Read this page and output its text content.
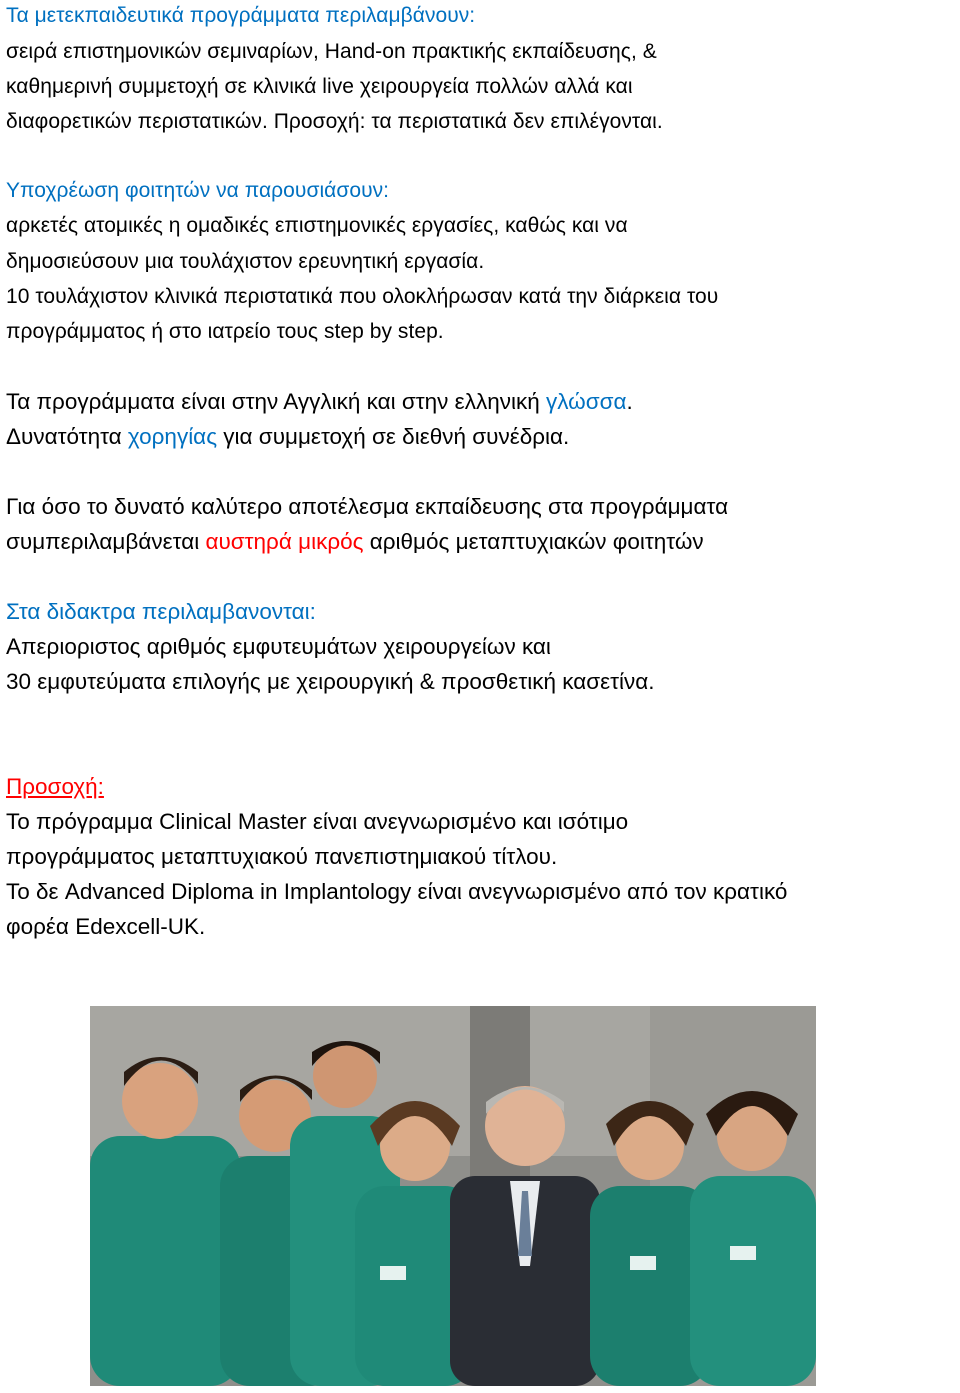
Τα μετεκπαιδευτικά προγράμματα περιλαμβάνουν:
σειρά επιστημονικών σεμιναρίων, Hand-on πρακτικής εκπαίδευσης, &
καθημερινή συμμετοχή σε κλινικά live χειρουργεία πολλών αλλά και
διαφορετικών περιστατικών. Προσοχή: τα περιστατικά δεν επιλέγονται.
Υποχρέωση φοιτητών να παρουσιάσουν:
αρκετές ατομικές η ομαδικές επιστημονικές εργασίες, καθώς και να
δημοσιεύσουν μια τουλάχιστον ερευνητική εργασία.
10 τουλάχιστον κλινικά περιστατικά που ολοκλήρωσαν κατά την διάρκεια του
προγράμματος ή στο ιατρείο τους step by step.
Τα προγράμματα είναι στην Αγγλική και στην ελληνική γλώσσα.
Δυνατότητα χορηγίας για συμμετοχή σε διεθνή συνέδρια.
Για όσο το δυνατό καλύτερο αποτέλεσμα εκπαίδευσης στα προγράμματα
συμπεριλαμβάνεται αυστηρά μικρός αριθμός μεταπτυχιακών φοιτητών
Στα διδακτρα περιλαμβανονται:
Απεριοριστος αριθμός εμφυτευμάτων χειρουργείων και
30 εμφυτεύματα επιλογής με χειρουργική & προσθετική κασετίνα.
Προσοχή:
Το πρόγραμμα Clinical Master είναι ανεγνωρισμένο και ισότιμο
προγράμματος μεταπτυχιακού πανεπιστημιακού τίτλου.
Το δε Advanced Diploma in Implantology είναι ανεγνωρισμένο από τον κρατικό
φορέα Edexcell-UK.
